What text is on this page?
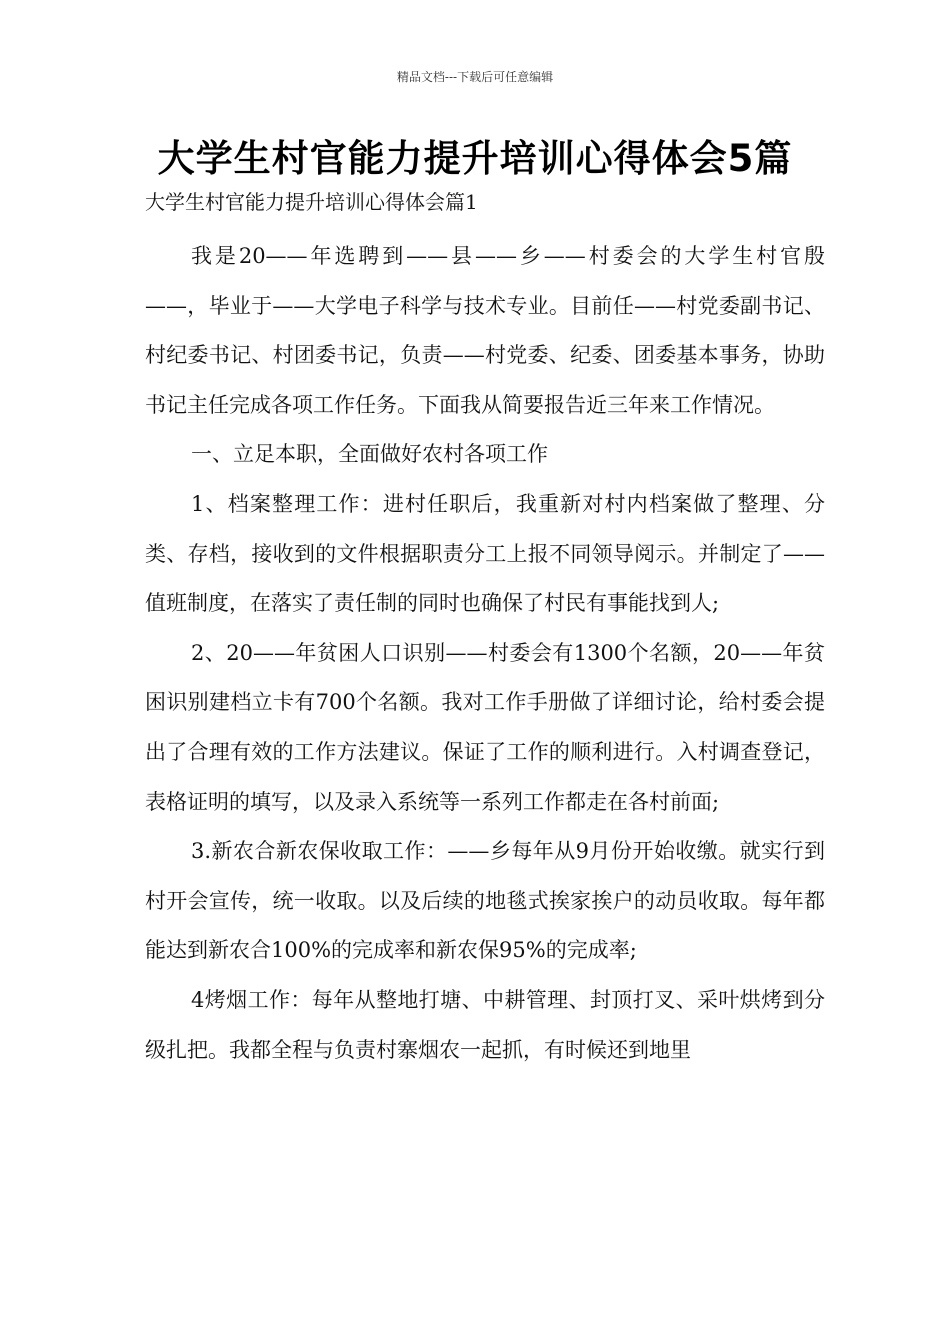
精品文档---下载后可任意编辑
大学生村官能力提升培训心得体会5篇
大学生村官能力提升培训心得体会篇1

我是20——年选聘到——县——乡——村委会的大学生村官殷——，毕业于——大学电子科学与技术专业。目前任——村党委副书记、村纪委书记、村团委书记，负责——村党委、纪委、团委基本事务，协助书记主任完成各项工作任务。下面我从简要报告近三年来工作情况。

一、立足本职，全面做好农村各项工作

1、档案整理工作：进村任职后，我重新对村内档案做了整理、分类、存档，接收到的文件根据职责分工上报不同领导阅示。并制定了——值班制度，在落实了责任制的同时也确保了村民有事能找到人;

2、20——年贫困人口识别——村委会有1300个名额，20——年贫困识别建档立卡有700个名额。我对工作手册做了详细讨论，给村委会提出了合理有效的工作方法建议。保证了工作的顺利进行。入村调查登记，表格证明的填写，以及录入系统等一系列工作都走在各村前面;

3.新农合新农保收取工作：——乡每年从9月份开始收缴。就实行到村开会宣传，统一收取。以及后续的地毯式挨家挨户的动员收取。每年都能达到新农合100%的完成率和新农保95%的完成率;

4烤烟工作：每年从整地打塘、中耕管理、封顶打叉、采叶烘烤到分级扎把。我都全程与负责村寨烟农一起抓，有时候还到地里
